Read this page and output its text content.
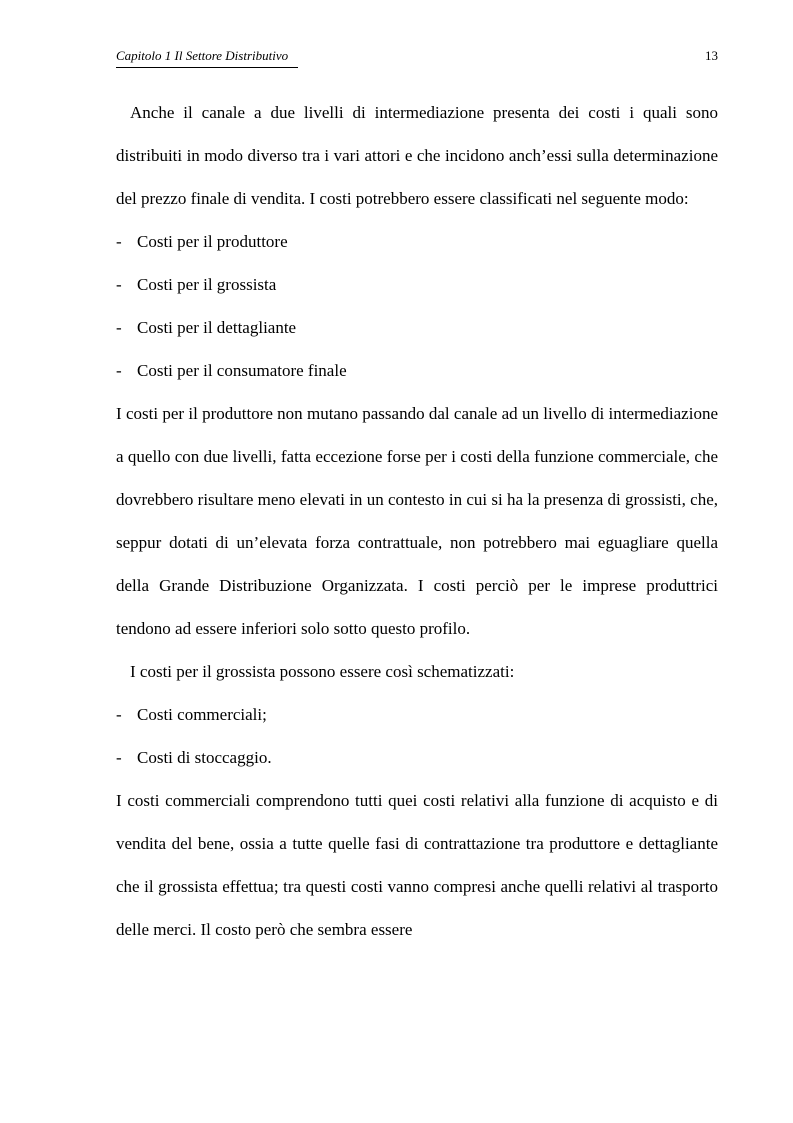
Capitolo 1 Il Settore Distributivo	13

Anche il canale a due livelli di intermediazione presenta dei costi i quali sono distribuiti in modo diverso tra i vari attori e che incidono anch’essi sulla determinazione del prezzo finale di vendita. I costi potrebbero essere classificati nel seguente modo:

- Costi per il produttore
- Costi per il grossista
- Costi per il dettagliante
- Costi per il consumatore finale

I costi per il produttore non mutano passando dal canale ad un livello di intermediazione a quello con due livelli, fatta eccezione forse per i costi della funzione commerciale, che dovrebbero risultare meno elevati in un contesto in cui si ha la presenza di grossisti, che, seppur dotati di un’elevata forza contrattuale, non potrebbero mai eguagliare quella della Grande Distribuzione Organizzata. I costi perciò per le imprese produttrici tendono ad essere inferiori solo sotto questo profilo.

I costi per il grossista possono essere così schematizzati:

- Costi commerciali;
- Costi di stoccaggio.

I costi commerciali comprendono tutti quei costi relativi alla funzione di acquisto e di vendita del bene, ossia a tutte quelle fasi di contrattazione tra produttore e dettagliante che il grossista effettua; tra questi costi vanno compresi anche quelli relativi al trasporto delle merci. Il costo però che sembra essere
